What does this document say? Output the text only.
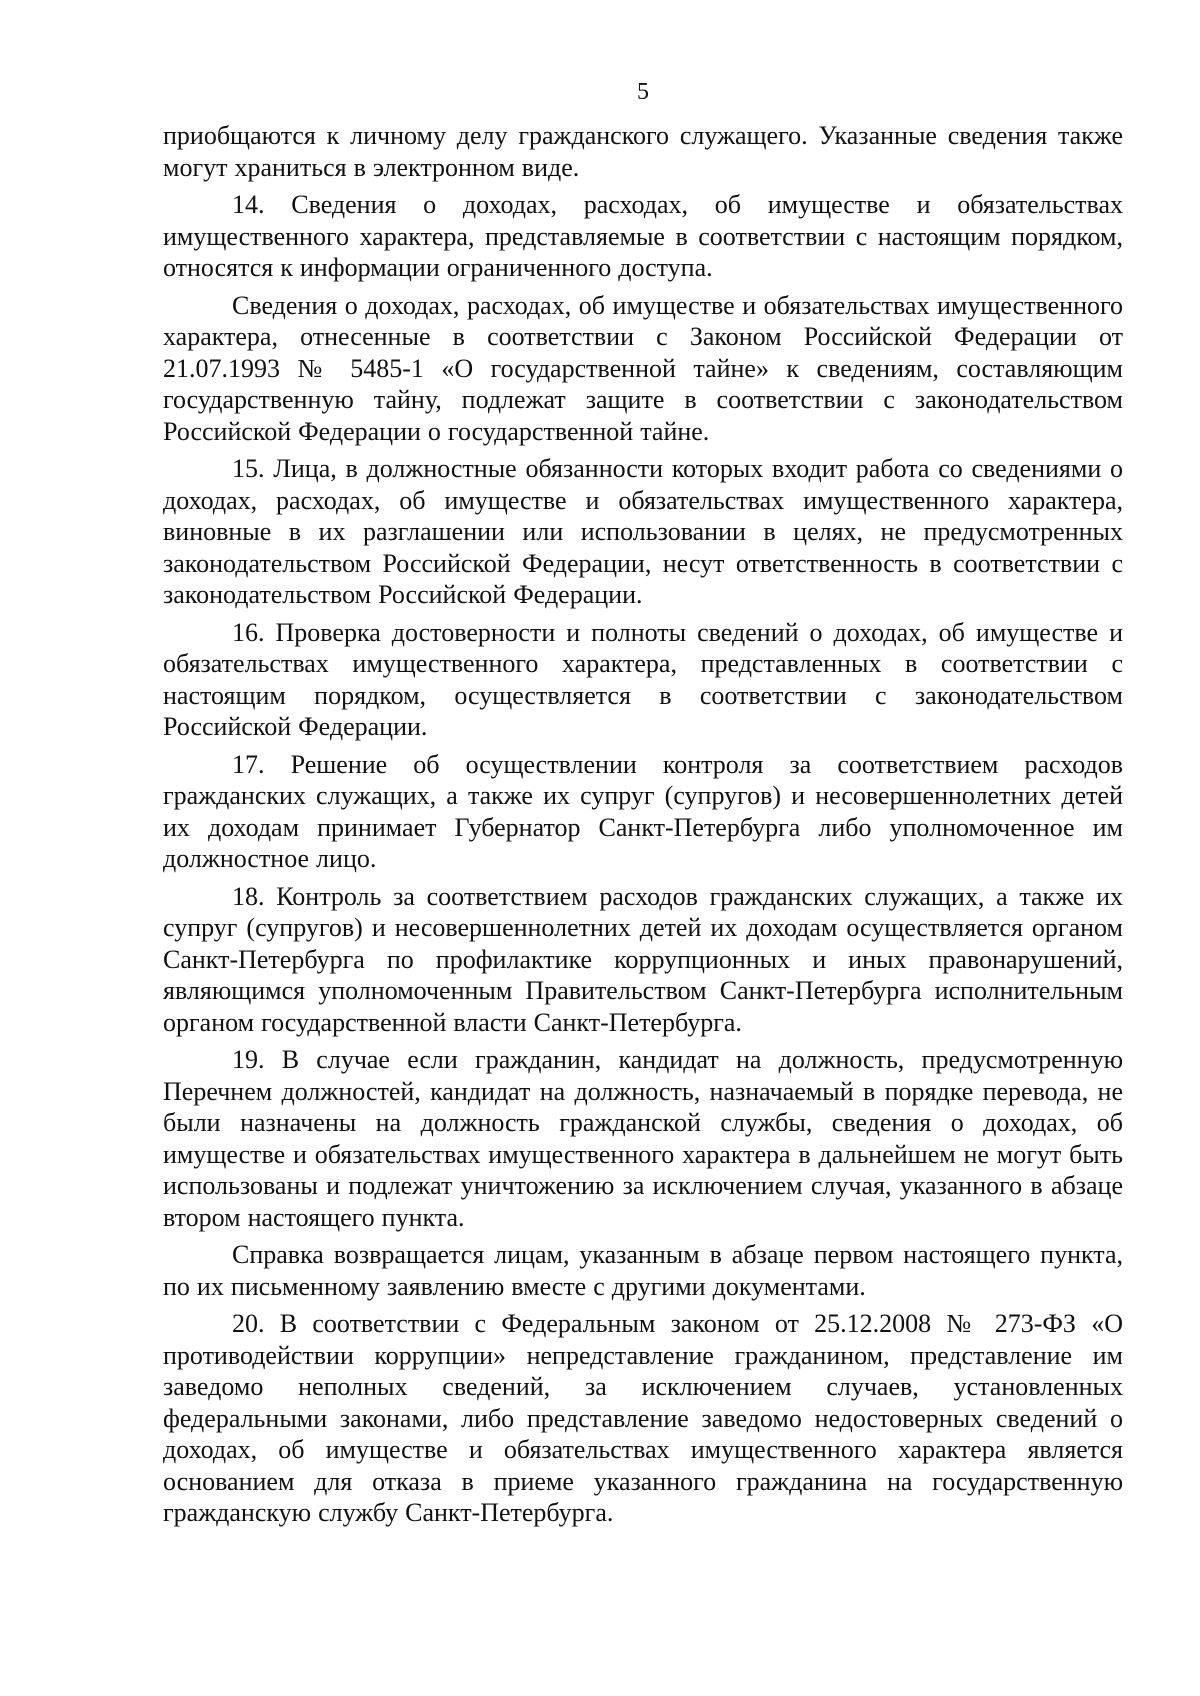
5

приобщаются к личному делу гражданского служащего. Указанные сведения также могут храниться в электронном виде.

14. Сведения о доходах, расходах, об имуществе и обязательствах имущественного характера, представляемые в соответствии с настоящим порядком, относятся к информации ограниченного доступа.

Сведения о доходах, расходах, об имуществе и обязательствах имущественного характера, отнесенные в соответствии с Законом Российской Федерации от 21.07.1993 № 5485-1 «О государственной тайне» к сведениям, составляющим государственную тайну, подлежат защите в соответствии с законодательством Российской Федерации о государственной тайне.

15. Лица, в должностные обязанности которых входит работа со сведениями о доходах, расходах, об имуществе и обязательствах имущественного характера, виновные в их разглашении или использовании в целях, не предусмотренных законодательством Российской Федерации, несут ответственность в соответствии с законодательством Российской Федерации.

16. Проверка достоверности и полноты сведений о доходах, об имуществе и обязательствах имущественного характера, представленных в соответствии с настоящим порядком, осуществляется в соответствии с законодательством Российской Федерации.

17. Решение об осуществлении контроля за соответствием расходов гражданских служащих, а также их супруг (супругов) и несовершеннолетних детей их доходам принимает Губернатор Санкт-Петербурга либо уполномоченное им должностное лицо.

18. Контроль за соответствием расходов гражданских служащих, а также их супруг (супругов) и несовершеннолетних детей их доходам осуществляется органом Санкт-Петербурга по профилактике коррупционных и иных правонарушений, являющимся уполномоченным Правительством Санкт-Петербурга исполнительным органом государственной власти Санкт-Петербурга.

19. В случае если гражданин, кандидат на должность, предусмотренную Перечнем должностей, кандидат на должность, назначаемый в порядке перевода, не были назначены на должность гражданской службы, сведения о доходах, об имуществе и обязательствах имущественного характера в дальнейшем не могут быть использованы и подлежат уничтожению за исключением случая, указанного в абзаце втором настоящего пункта.

Справка возвращается лицам, указанным в абзаце первом настоящего пункта, по их письменному заявлению вместе с другими документами.

20. В соответствии с Федеральным законом от 25.12.2008 № 273-ФЗ «О противодействии коррупции» непредставление гражданином, представление им заведомо неполных сведений, за исключением случаев, установленных федеральными законами, либо представление заведомо недостоверных сведений о доходах, об имуществе и обязательствах имущественного характера является основанием для отказа в приеме указанного гражданина на государственную гражданскую службу Санкт-Петербурга.
